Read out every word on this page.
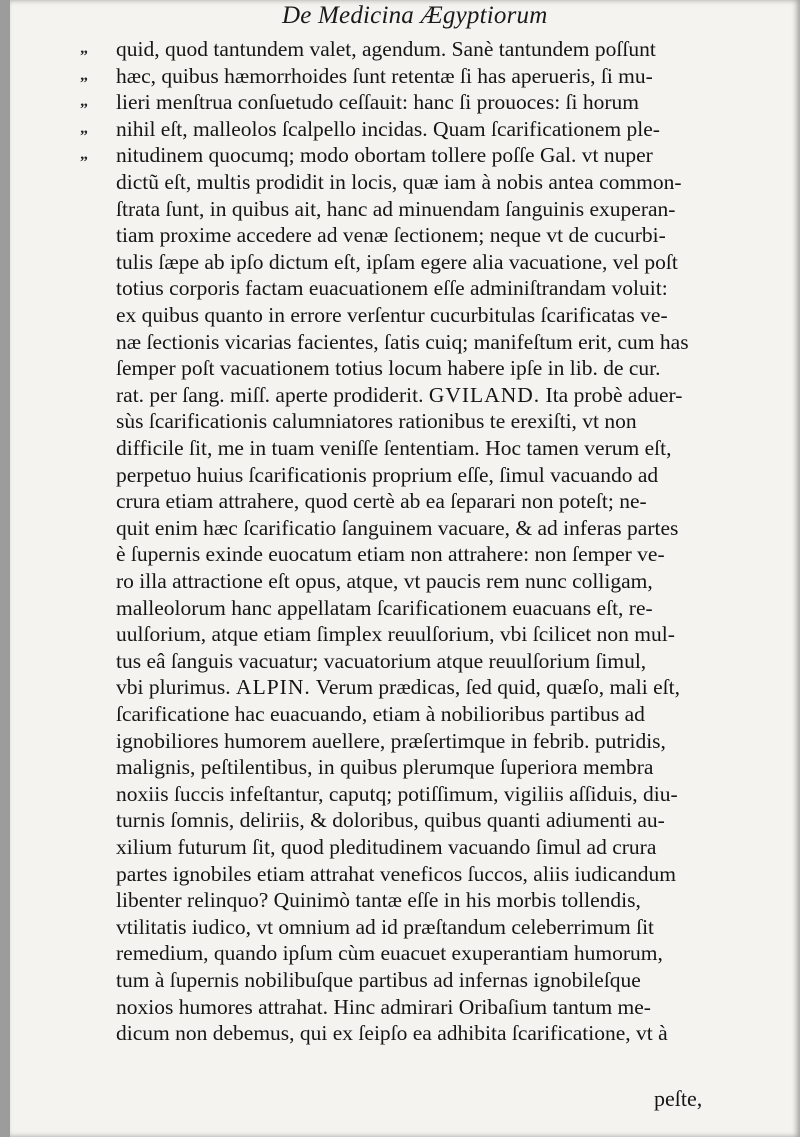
De Medicina Ægyptiorum
„	quid, quod tantundem valet, agendum. Sanè tantundem poſſunt
„	hæc, quibus hæmorrhoides ſunt retentæ ſi has aperueris, ſi mu-
„	lieri menſtrua conſuetudo ceſſauit: hanc ſi prouoces: ſi horum
„	nihil eſt, malleolos ſcalpello incidas. Quam ſcarificationem ple-
„	nitudinem quocumq; modo obortam tollere poſſe Gal. vt nuper
dictũ eſt, multis prodidit in locis, quæ iam à nobis antea common-
ſtrata ſunt, in quibus ait, hanc ad minuendam ſanguinis exuperan-
tiam proxime accedere ad venæ ſectionem; neque vt de cucurbi-
tulis ſæpe ab ipſo dictum eſt, ipſam egere alia vacuatione, vel poſt
totius corporis factam euacuationem eſſe adminiſtrandam voluit:
ex quibus quanto in errore verſentur cucurbitulas ſcarificatas ve-
næ ſectionis vicarias facientes, ſatis cuiq; manifeſtum erit, cum has
ſemper poſt vacuationem totius locum habere ipſe in lib. de cur.
rat. per ſang. miſſ. aperte prodiderit. GVILAND. Ita probè aduer-
sùs ſcarificationis calumniatores rationibus te erexiſti, vt non
difficile ſit, me in tuam veniſſe ſententiam. Hoc tamen verum eſt,
perpetuo huius ſcarificationis proprium eſſe, ſimul vacuando ad
crura etiam attrahere, quod certè ab ea ſeparari non poteſt; ne-
quit enim hæc ſcarificatio ſanguinem vacuare, & ad inferas partes
è ſupernis exinde euocatum etiam non attrahere: non ſemper ve-
ro illa attractione eſt opus, atque, vt paucis rem nunc colligam,
malleolorum hanc appellatam ſcarificationem euacuans eſt, re-
uulſorium, atque etiam ſimplex reuulſorium, vbi ſcilicet non mul-
tus eâ ſanguis vacuatur; vacuatorium atque reuulſorium ſimul,
vbi plurimus. ALPIN. Verum prædicas, ſed quid, quæſo, mali eſt,
ſcarificatione hac euacuando, etiam à nobilioribus partibus ad
ignobiliores humorem auellere, præſertimque in febrib. putridis,
malignis, peſtilentibus, in quibus plerumque ſuperiora membra
noxiis ſuccis infeſtantur, caputq; potiſſimum, vigiliis aſſiduis, diu-
turnis ſomnis, deliriis, & doloribus, quibus quanti adiumenti au-
xilium futurum ſit, quod pleditudinem vacuando ſimul ad crura
partes ignobiles etiam attrahat veneficos ſuccos, aliis iudicandum
libenter relinquo? Quinimò tantæ eſſe in his morbis tollendis,
vtilitatis iudico, vt omnium ad id præſtandum celeberrimum ſit
remedium, quando ipſum cùm euacuet exuperantiam humorum,
tum à ſupernis nobilibuſque partibus ad infernas ignobileſque
noxios humores attrahat. Hinc admirari Oribaſium tantum me-
dicum non debemus, qui ex ſeipſo ea adhibita ſcarificatione, vt à
peſte,
